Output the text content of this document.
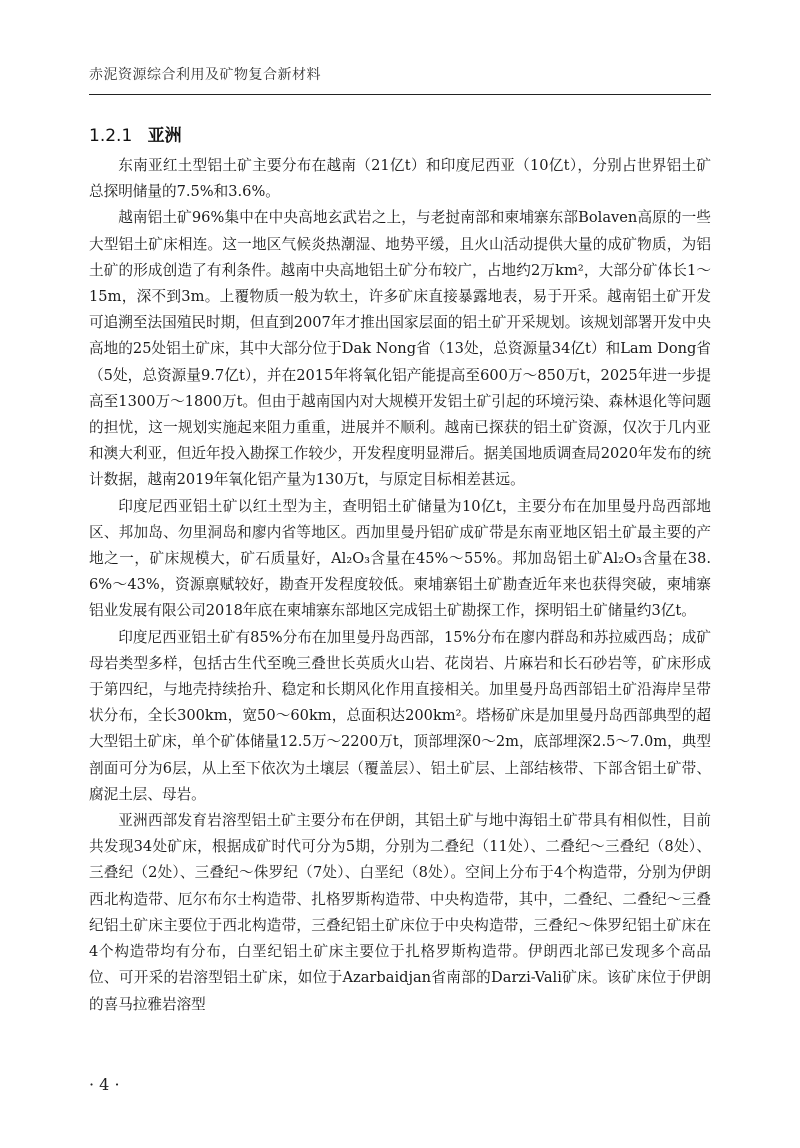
赤泥资源综合利用及矿物复合新材料
1.2.1 亚洲

东南亚红土型铝土矿主要分布在越南（21亿t）和印度尼西亚（10亿t），分别占世界铝土矿总探明储量的7.5%和3.6%。

越南铝土矿96%集中在中央高地玄武岩之上，与老挝南部和柬埔寨东部Bolaven高原的一些大型铝土矿床相连。这一地区气候炎热潮湿、地势平缓，且火山活动提供大量的成矿物质，为铝土矿的形成创造了有利条件。越南中央高地铝土矿分布较广，占地约2万km²，大部分矿体长1～15m，深不到3m。上覆物质一般为软土，许多矿床直接暴露地表，易于开采。越南铝土矿开发可追溯至法国殖民时期，但直到2007年才推出国家层面的铝土矿开采规划。该规划部署开发中央高地的25处铝土矿床，其中大部分位于Dak Nong省（13处，总资源量34亿t）和Lam Dong省（5处，总资源量9.7亿t），并在2015年将氧化铝产能提高至600万～850万t，2025年进一步提高至1300万～1800万t。但由于越南国内对大规模开发铝土矿引起的环境污染、森林退化等问题的担忧，这一规划实施起来阻力重重，进展并不顺利。越南已探获的铝土矿资源，仅次于几内亚和澳大利亚，但近年投入勘探工作较少，开发程度明显滞后。据美国地质调查局2020年发布的统计数据，越南2019年氧化铝产量为130万t，与原定目标相差甚远。

印度尼西亚铝土矿以红土型为主，查明铝土矿储量为10亿t，主要分布在加里曼丹岛西部地区、邦加岛、勿里洞岛和廖内省等地区。西加里曼丹铝矿成矿带是东南亚地区铝土矿最主要的产地之一，矿床规模大，矿石质量好，Al₂O₃含量在45%～55%。邦加岛铝土矿Al₂O₃含量在38.6%～43%，资源禀赋较好，勘查开发程度较低。柬埔寨铝土矿勘查近年来也获得突破，柬埔寨铝业发展有限公司2018年底在柬埔寨东部地区完成铝土矿勘探工作，探明铝土矿储量约3亿t。

印度尼西亚铝土矿有85%分布在加里曼丹岛西部，15%分布在廖内群岛和苏拉威西岛；成矿母岩类型多样，包括古生代至晚三叠世长英质火山岩、花岗岩、片麻岩和长石砂岩等，矿床形成于第四纪，与地壳持续抬升、稳定和长期风化作用直接相关。加里曼丹岛西部铝土矿沿海岸呈带状分布，全长300km，宽50～60km，总面积达200km²。塔杨矿床是加里曼丹岛西部典型的超大型铝土矿床，单个矿体储量12.5万～2200万t，顶部埋深0～2m，底部埋深2.5～7.0m，典型剖面可分为6层，从上至下依次为土壤层（覆盖层）、铝土矿层、上部结核带、下部含铝土矿带、腐泥土层、母岩。

亚洲西部发育岩溶型铝土矿主要分布在伊朗，其铝土矿与地中海铝土矿带具有相似性，目前共发现34处矿床，根据成矿时代可分为5期，分别为二叠纪（11处）、二叠纪～三叠纪（8处）、三叠纪（2处）、三叠纪～侏罗纪（7处）、白垩纪（8处）。空间上分布于4个构造带，分别为伊朗西北构造带、厄尔布尔士构造带、扎格罗斯构造带、中央构造带，其中，二叠纪、二叠纪～三叠纪铝土矿床主要位于西北构造带，三叠纪铝土矿床位于中央构造带，三叠纪～侏罗纪铝土矿床在4个构造带均有分布，白垩纪铝土矿床主要位于扎格罗斯构造带。伊朗西北部已发现多个高品位、可开采的岩溶型铝土矿床，如位于Azarbaidjan省南部的Darzi-Vali矿床。该矿床位于伊朗的喜马拉雅岩溶型

· 4 ·
